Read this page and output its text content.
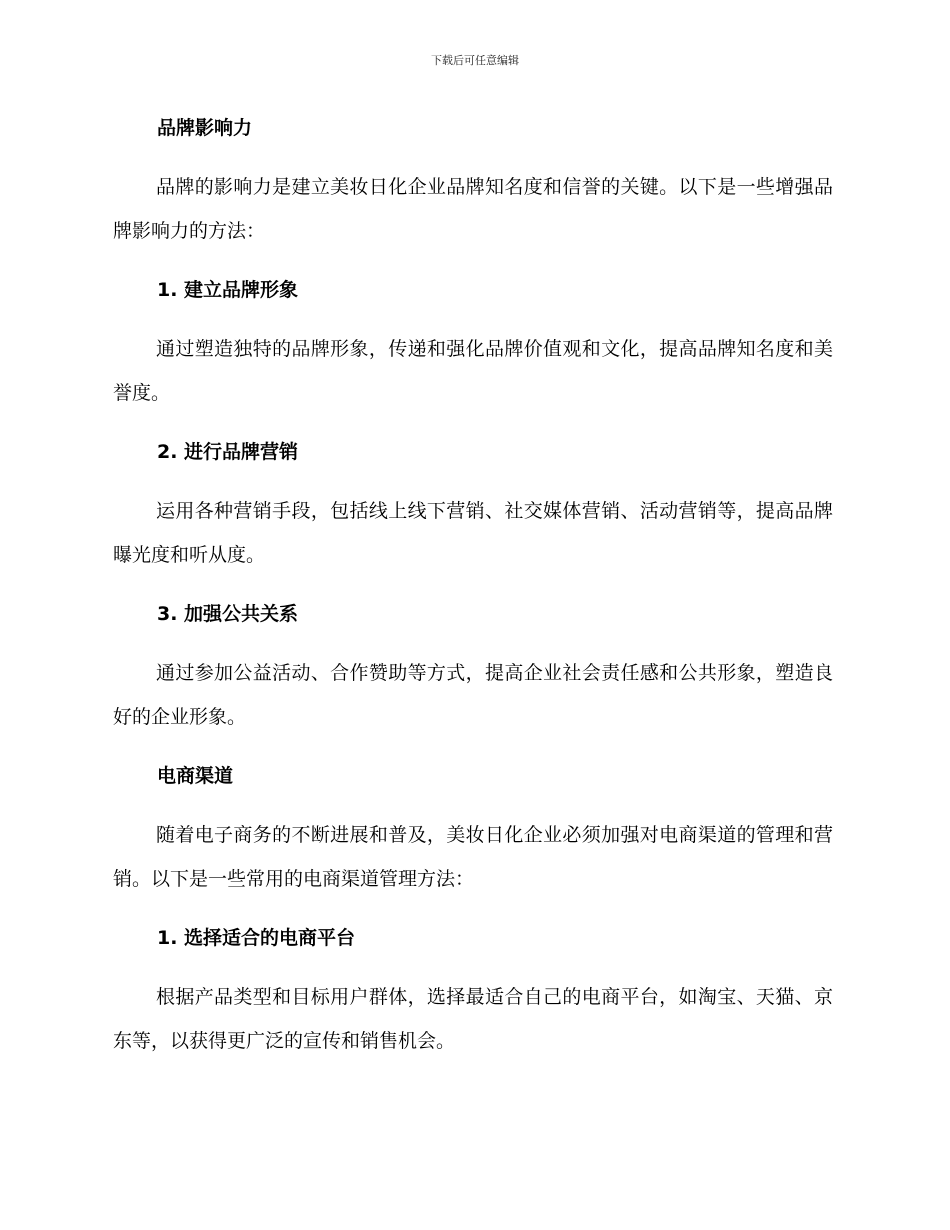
下载后可任意编辑
品牌影响力

品牌的影响力是建立美妆日化企业品牌知名度和信誉的关键。以下是一些增强品牌影响力的方法：

1. 建立品牌形象

通过塑造独特的品牌形象，传递和强化品牌价值观和文化，提高品牌知名度和美誉度。

2. 进行品牌营销

运用各种营销手段，包括线上线下营销、社交媒体营销、活动营销等，提高品牌曝光度和听从度。

3. 加强公共关系

通过参加公益活动、合作赞助等方式，提高企业社会责任感和公共形象，塑造良好的企业形象。

电商渠道

随着电子商务的不断进展和普及，美妆日化企业必须加强对电商渠道的管理和营销。以下是一些常用的电商渠道管理方法：

1. 选择适合的电商平台

根据产品类型和目标用户群体，选择最适合自己的电商平台，如淘宝、天猫、京东等，以获得更广泛的宣传和销售机会。
